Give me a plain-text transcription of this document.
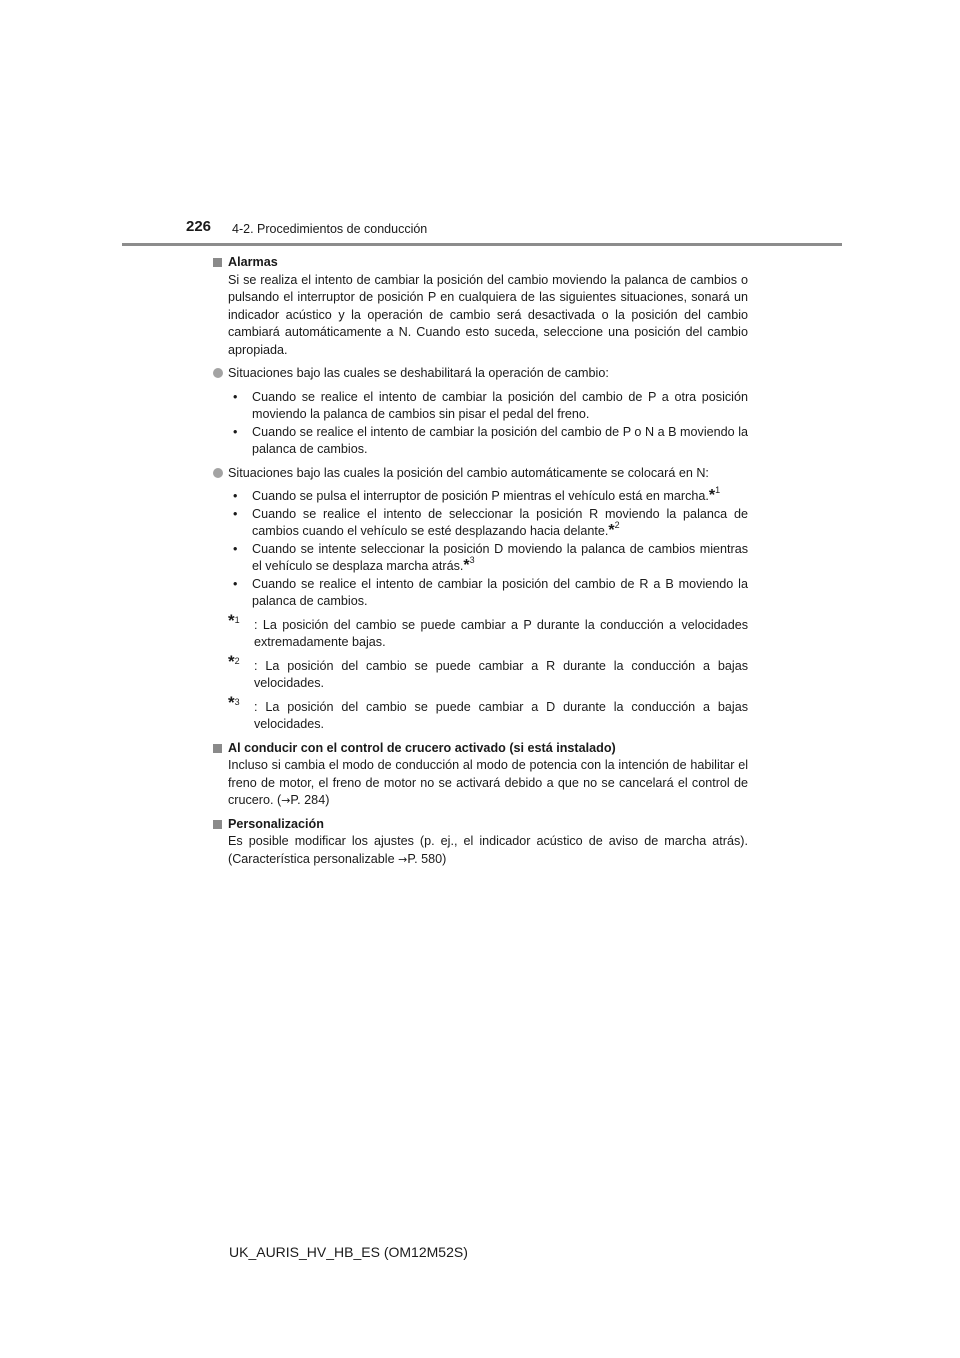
226 4-2. Procedimientos de conducción
Alarmas
Si se realiza el intento de cambiar la posición del cambio moviendo la palanca de cambios o pulsando el interruptor de posición P en cualquiera de las siguientes situaciones, sonará un indicador acústico y la operación de cambio será desactivada o la posición del cambio cambiará automáticamente a N. Cuando esto suceda, seleccione una posición del cambio apropiada.
Situaciones bajo las cuales se deshabilitará la operación de cambio:
• Cuando se realice el intento de cambiar la posición del cambio de P a otra posición moviendo la palanca de cambios sin pisar el pedal del freno.
• Cuando se realice el intento de cambiar la posición del cambio de P o N a B moviendo la palanca de cambios.
Situaciones bajo las cuales la posición del cambio automáticamente se colocará en N:
• Cuando se pulsa el interruptor de posición P mientras el vehículo está en marcha.*$^1$
• Cuando se realice el intento de seleccionar la posición R moviendo la palanca de cambios cuando el vehículo se esté desplazando hacia delante.*$^2$
• Cuando se intente seleccionar la posición D moviendo la palanca de cambios mientras el vehículo se desplaza marcha atrás.*$^3$
• Cuando se realice el intento de cambiar la posición del cambio de R a B moviendo la palanca de cambios.
*$^1$ : La posición del cambio se puede cambiar a P durante la conducción a velocidades extremadamente bajas.
*$^2$ : La posición del cambio se puede cambiar a R durante la conducción a bajas velocidades.
*$^3$ : La posición del cambio se puede cambiar a D durante la conducción a bajas velocidades.
Al conducir con el control de crucero activado (si está instalado)
Incluso si cambia el modo de conducción al modo de potencia con la intención de habilitar el freno de motor, el freno de motor no se activará debido a que no se cancelará el control de crucero. (→P. 284)
Personalización
Es posible modificar los ajustes (p. ej., el indicador acústico de aviso de marcha atrás). (Característica personalizable →P. 580)
UK_AURIS_HV_HB_ES (OM12M52S)
